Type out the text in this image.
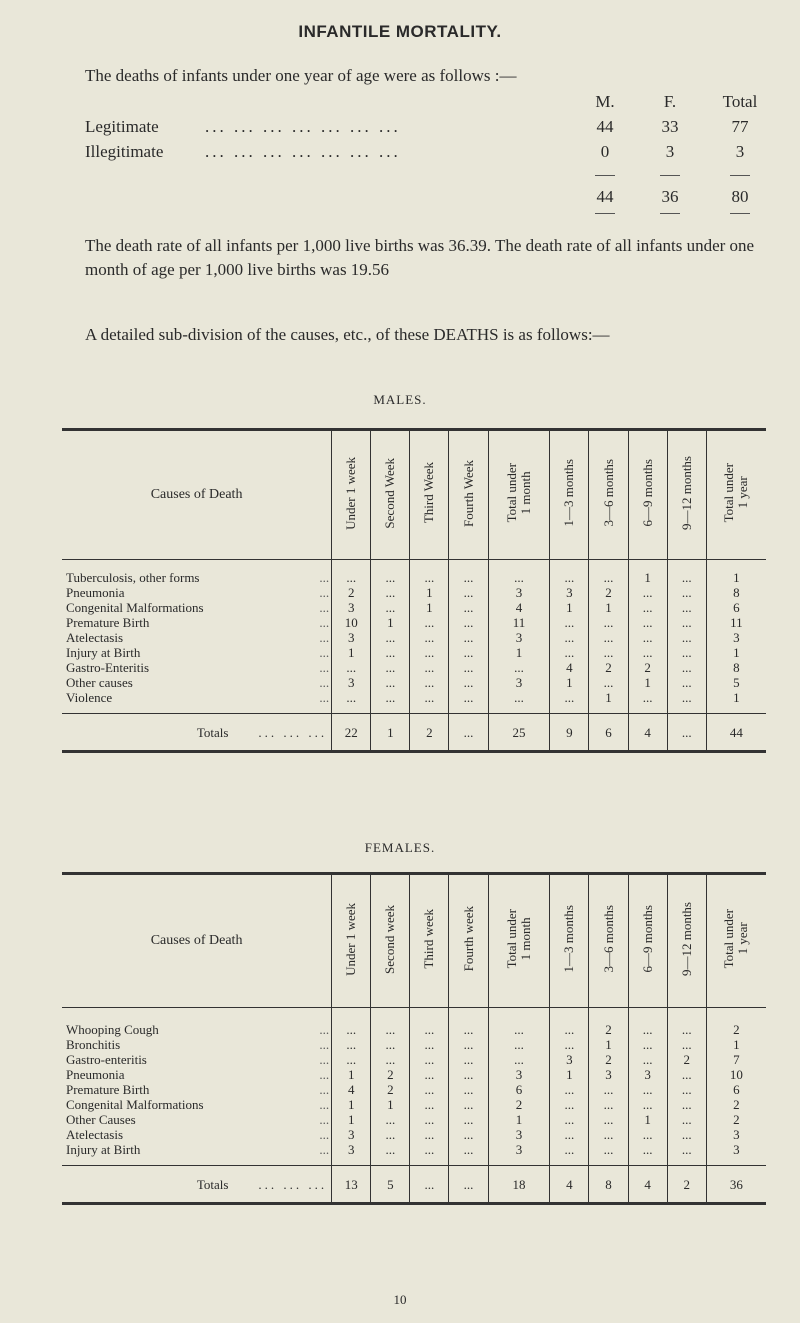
INFANTILE MORTALITY.
The deaths of infants under one year of age were as follows :—
M.	F.	Total
Legitimate	... ... ... ... ... ... ...	44	33	77
Illegitimate ... ... ... ... ... ... ...	0	3	3
44	36	80
The death rate of all infants per 1,000 live births was 36.39. The death rate of all infants under one month of age per 1,000 live births was 19.56
A detailed sub-division of the causes, etc., of these DEATHS is as follows:—
MALES.
Causes of Death	Under 1 week	Second Week	Third Week	Fourth Week	Total under
1 month	1—3 months	3—6 months	6—9 months	9—12 months	Total under
1 year

Tuberculosis, other forms ...	...	...	...	...	...	...	...	1	...	1
Pneumonia ...	2	...	1	...	3	3	2	...	...	8
Congenital Malformations ...	3	...	1	...	4	1	1	...	...	6
Premature Birth ...	10	1	...	...	11	...	...	...	...	11
Atelectasis ...	3	...	...	...	3	...	...	...	...	3
Injury at Birth ...	1	...	...	...	1	...	...	...	...	1
Gastro-Enteritis ...	...	...	...	...	...	4	2	2	...	8
Other causes ...	3	...	...	...	3	1	...	1	...	5
Violence ...	...	...	...	...	...	...	1	...	...	1

Totals ... ... ...	22	1	2	...	25	9	6	4	...	44
FEMALES.
Causes of Death	Under 1 week	Second week	Third week	Fourth week	Total under
1 month	1—3 months	3—6 months	6—9 months	9—12 months	Total under
1 year

Whooping Cough ...	...	...	...	...	...	...	2	...	...	2
Bronchitis ...	...	...	...	...	...	...	1	...	...	1
Gastro-enteritis ...	...	...	...	...	...	3	2	...	2	7
Pneumonia ...	1	2	...	...	3	1	3	3	...	10
Premature Birth ...	4	2	...	...	6	...	...	...	...	6
Congenital Malformations ...	1	1	...	...	2	...	...	...	...	2
Other Causes ...	1	...	...	...	1	...	...	1	...	2
Atelectasis ...	3	...	...	...	3	...	...	...	...	3
Injury at Birth ...	3	...	...	...	3	...	...	...	...	3

Totals ... ... ...	13	5	...	...	18	4	8	4	2	36
10
